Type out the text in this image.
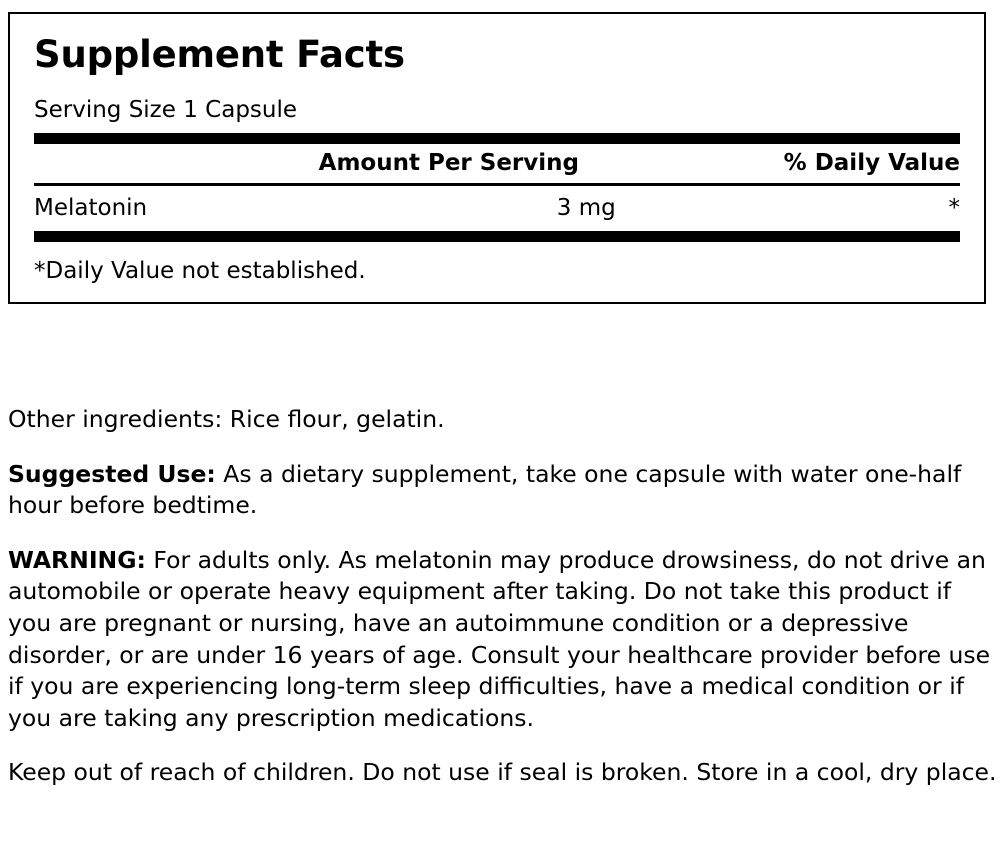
Supplement Facts
Serving Size 1 Capsule
Amount Per Serving	% Daily Value
Melatonin	3 mg	*
*Daily Value not established.

Other ingredients: Rice flour, gelatin.

Suggested Use: As a dietary supplement, take one capsule with water one-half hour before bedtime.

WARNING: For adults only. As melatonin may produce drowsiness, do not drive an automobile or operate heavy equipment after taking. Do not take this product if you are pregnant or nursing, have an autoimmune condition or a depressive disorder, or are under 16 years of age. Consult your healthcare provider before use if you are experiencing long-term sleep difficulties, have a medical condition or if you are taking any prescription medications.

Keep out of reach of children. Do not use if seal is broken. Store in a cool, dry place.
